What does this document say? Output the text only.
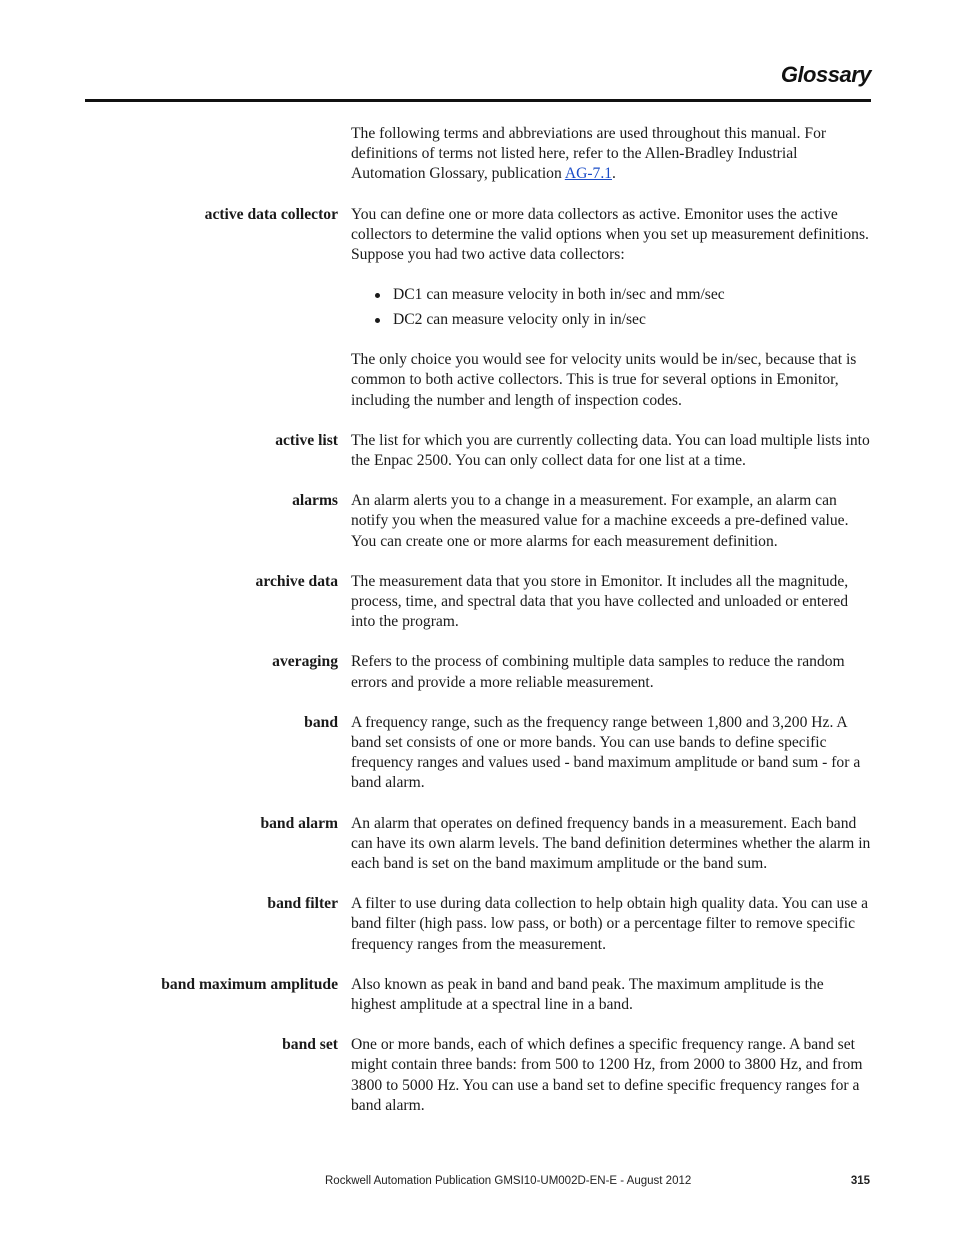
Glossary
The following terms and abbreviations are used throughout this manual. For definitions of terms not listed here, refer to the Allen-Bradley Industrial Automation Glossary, publication AG-7.1.
active data collector You can define one or more data collectors as active. Emonitor uses the active collectors to determine the valid options when you set up measurement definitions. Suppose you had two active data collectors:

DC1 can measure velocity in both in/sec and mm/sec
DC2 can measure velocity only in in/sec

The only choice you would see for velocity units would be in/sec, because that is common to both active collectors. This is true for several options in Emonitor, including the number and length of inspection codes.

active list The list for which you are currently collecting data. You can load multiple lists into the Enpac 2500. You can only collect data for one list at a time.
alarms An alarm alerts you to a change in a measurement. For example, an alarm can notify you when the measured value for a machine exceeds a pre-defined value. You can create one or more alarms for each measurement definition.
archive data The measurement data that you store in Emonitor. It includes all the magnitude, process, time, and spectral data that you have collected and unloaded or entered into the program.
averaging Refers to the process of combining multiple data samples to reduce the random errors and provide a more reliable measurement.
band A frequency range, such as the frequency range between 1,800 and 3,200 Hz. A band set consists of one or more bands. You can use bands to define specific frequency ranges and values used - band maximum amplitude or band sum - for a band alarm.
band alarm An alarm that operates on defined frequency bands in a measurement. Each band can have its own alarm levels. The band definition determines whether the alarm in each band is set on the band maximum amplitude or the band sum.
band filter A filter to use during data collection to help obtain high quality data. You can use a band filter (high pass. low pass, or both) or a percentage filter to remove specific frequency ranges from the measurement.
band maximum amplitude Also known as peak in band and band peak. The maximum amplitude is the highest amplitude at a spectral line in a band.
band set One or more bands, each of which defines a specific frequency range. A band set might contain three bands: from 500 to 1200 Hz, from 2000 to 3800 Hz, and from 3800 to 5000 Hz. You can use a band set to define specific frequency ranges for a band alarm.
Rockwell Automation Publication GMSI10-UM002D-EN-E - August 2012	315
